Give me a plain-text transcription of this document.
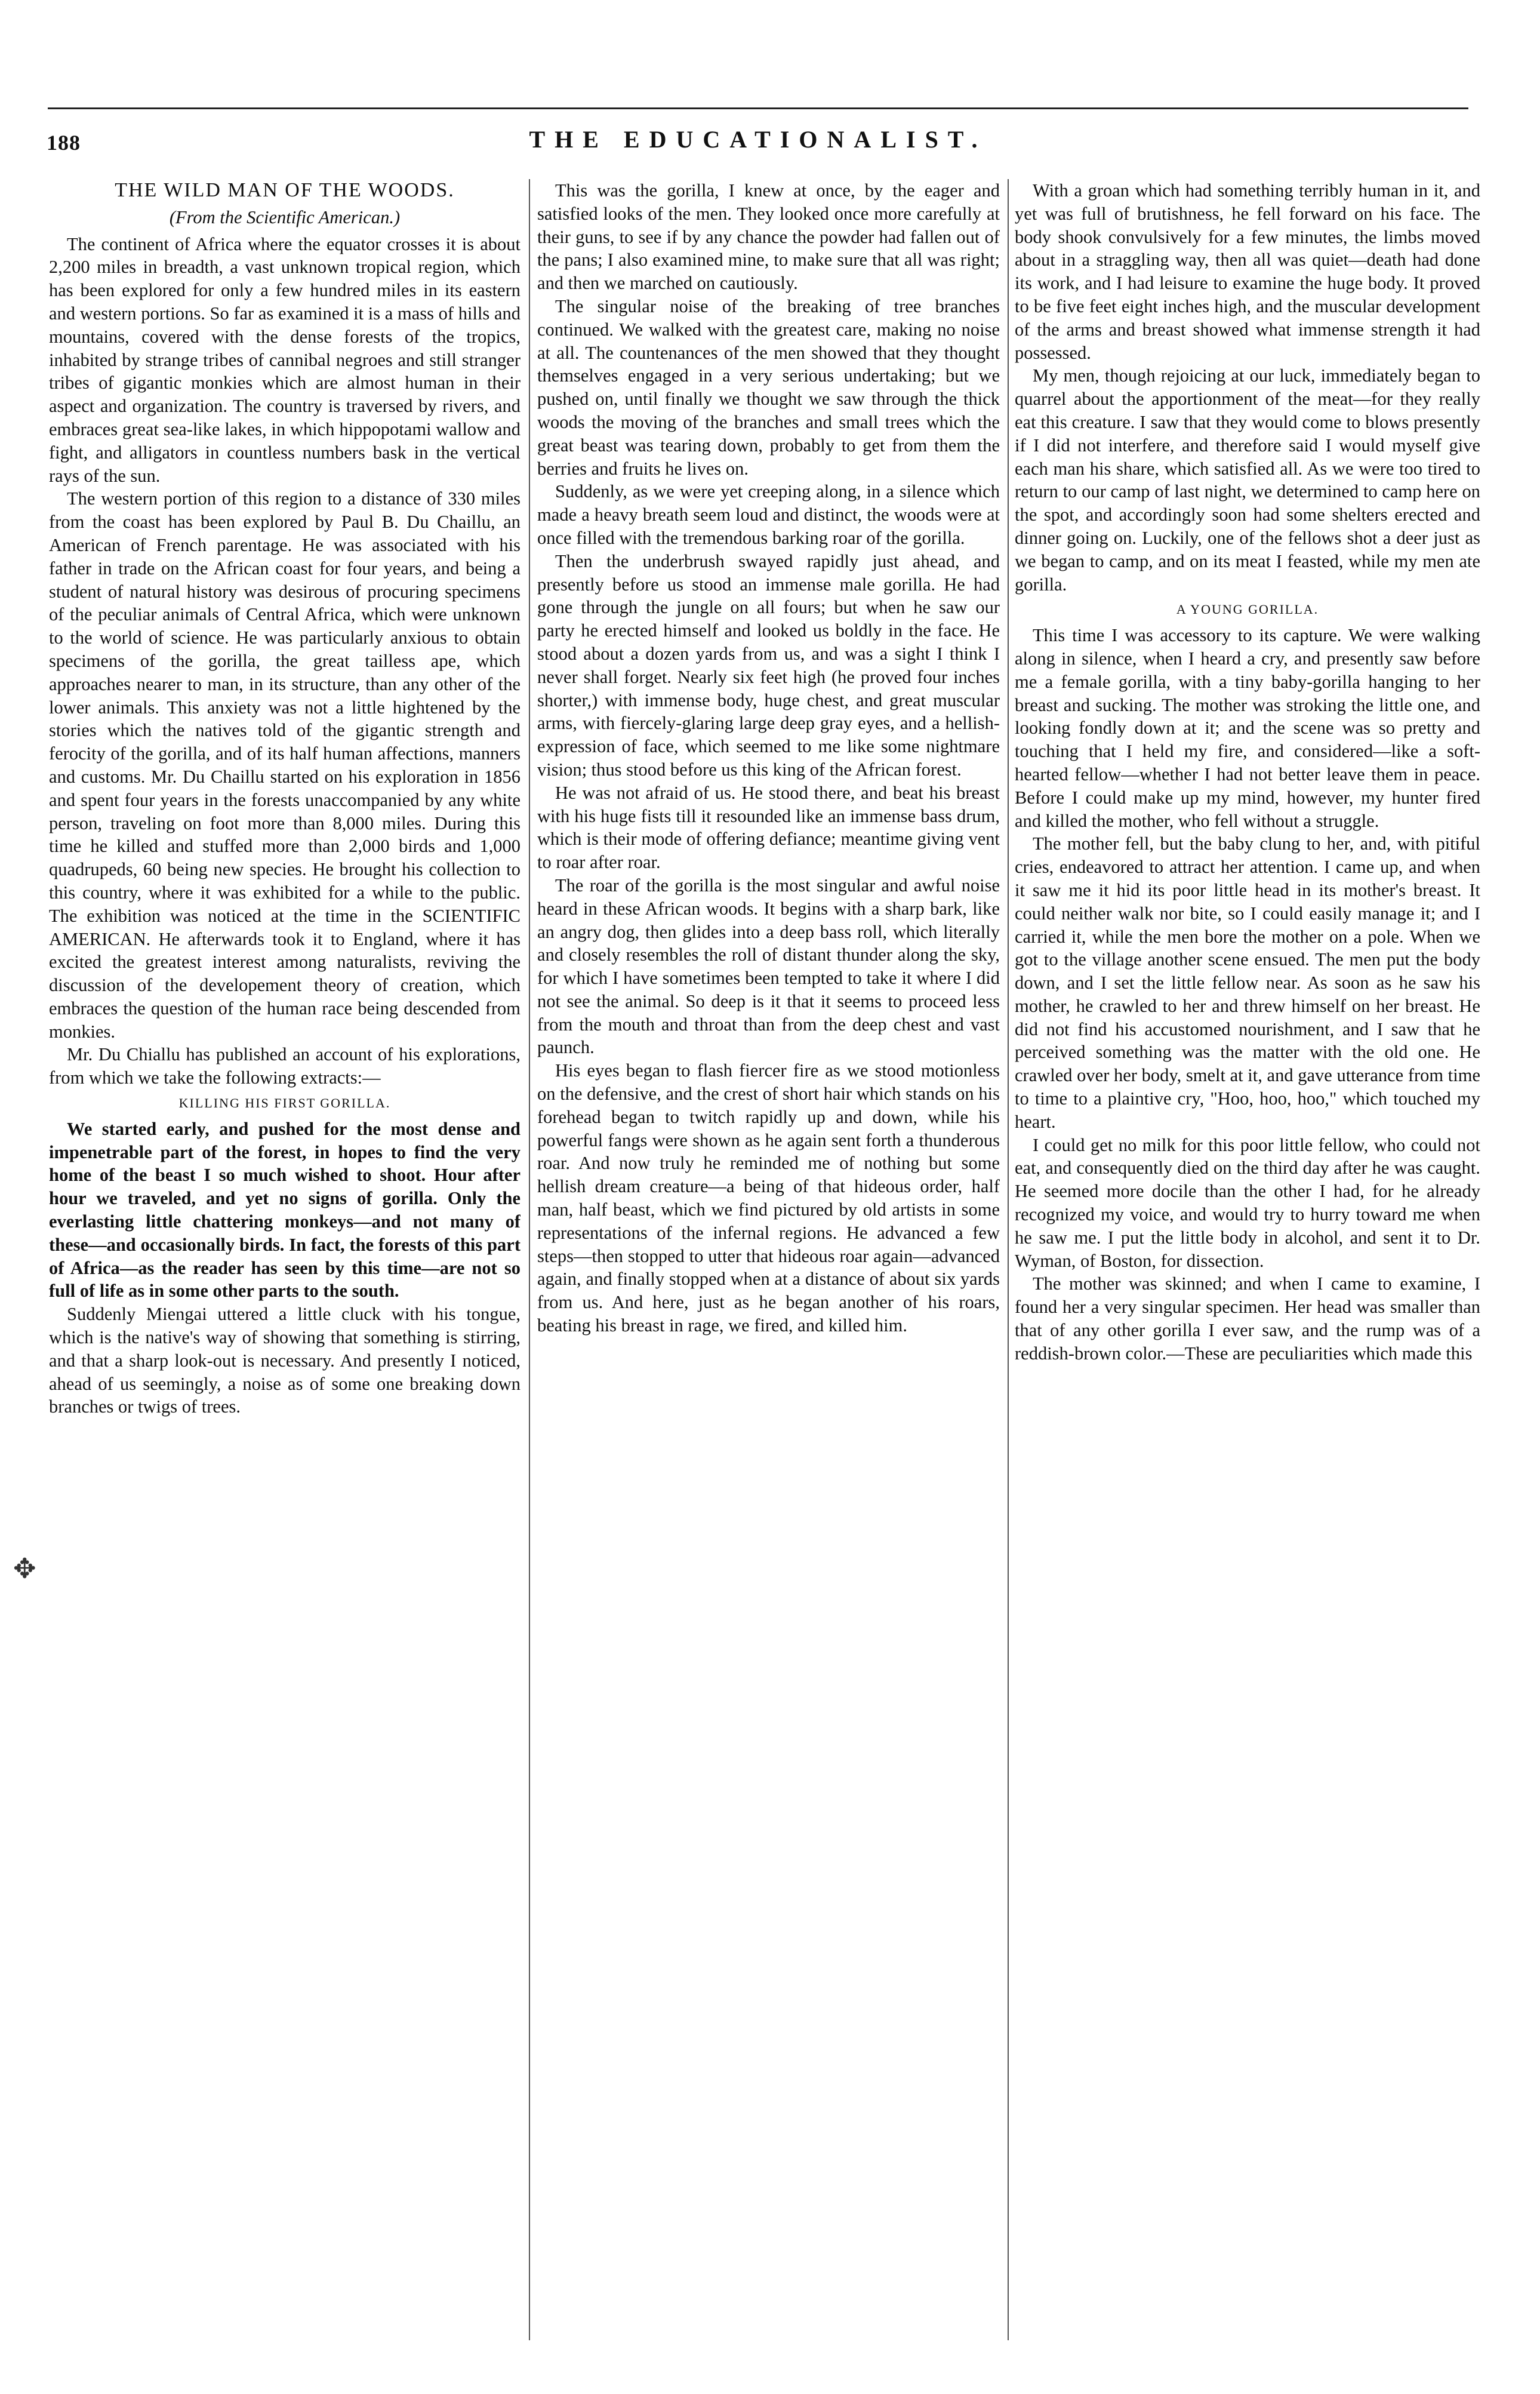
188	THE EDUCATIONALIST.
✥

THE WILD MAN OF THE WOODS.

(From the Scientific American.)

The continent of Africa where the equator crosses it is about 2,200 miles in breadth, a vast unknown tropical region, which has been explored for only a few hundred miles in its eastern and western portions. So far as examined it is a mass of hills and mountains, covered with the dense forests of the tropics, inhabited by strange tribes of cannibal negroes and still stranger tribes of gigantic monkies which are almost human in their aspect and organization. The country is traversed by rivers, and embraces great sea-like lakes, in which hippopotami wallow and fight, and alligators in countless numbers bask in the vertical rays of the sun.

The western portion of this region to a distance of 330 miles from the coast has been explored by Paul B. Du Chaillu, an American of French parentage. He was associated with his father in trade on the African coast for four years, and being a student of natural history was desirous of procuring specimens of the peculiar animals of Central Africa, which were unknown to the world of science. He was particularly anxious to obtain specimens of the gorilla, the great tailless ape, which approaches nearer to man, in its structure, than any other of the lower animals. This anxiety was not a little hightened by the stories which the natives told of the gigantic strength and ferocity of the gorilla, and of its half human affections, manners and customs. Mr. Du Chaillu started on his exploration in 1856 and spent four years in the forests unaccompanied by any white person, traveling on foot more than 8,000 miles. During this time he killed and stuffed more than 2,000 birds and 1,000 quadrupeds, 60 being new species. He brought his collection to this country, where it was exhibited for a while to the public. The exhibition was noticed at the time in the SCIENTIFIC AMERICAN. He afterwards took it to England, where it has excited the greatest interest among naturalists, reviving the discussion of the developement theory of creation, which embraces the question of the human race being descended from monkies.

Mr. Du Chiallu has published an account of his explorations, from which we take the following extracts:—

KILLING HIS FIRST GORILLA.

We started early, and pushed for the most dense and impenetrable part of the forest, in hopes to find the very home of the beast I so much wished to shoot. Hour after hour we traveled, and yet no signs of gorilla. Only the everlasting little chattering monkeys—and not many of these—and occasionally birds. In fact, the forests of this part of Africa—as the reader has seen by this time—are not so full of life as in some other parts to the south.

Suddenly Miengai uttered a little cluck with his tongue, which is the native's way of showing that something is stirring, and that a sharp look-out is necessary. And presently I noticed, ahead of us seemingly, a noise as of some one breaking down branches or twigs of trees.

This was the gorilla, I knew at once, by the eager and satisfied looks of the men. They looked once more carefully at their guns, to see if by any chance the powder had fallen out of the pans; I also examined mine, to make sure that all was right; and then we marched on cautiously.

The singular noise of the breaking of tree branches continued. We walked with the greatest care, making no noise at all. The countenances of the men showed that they thought themselves engaged in a very serious undertaking; but we pushed on, until finally we thought we saw through the thick woods the moving of the branches and small trees which the great beast was tearing down, probably to get from them the berries and fruits he lives on.

Suddenly, as we were yet creeping along, in a silence which made a heavy breath seem loud and distinct, the woods were at once filled with the tremendous barking roar of the gorilla.

Then the underbrush swayed rapidly just ahead, and presently before us stood an immense male gorilla. He had gone through the jungle on all fours; but when he saw our party he erected himself and looked us boldly in the face. He stood about a dozen yards from us, and was a sight I think I never shall forget. Nearly six feet high (he proved four inches shorter,) with immense body, huge chest, and great muscular arms, with fiercely-glaring large deep gray eyes, and a hellish-expression of face, which seemed to me like some nightmare vision; thus stood before us this king of the African forest.

He was not afraid of us. He stood there, and beat his breast with his huge fists till it resounded like an immense bass drum, which is their mode of offering defiance; meantime giving vent to roar after roar.

The roar of the gorilla is the most singular and awful noise heard in these African woods. It begins with a sharp bark, like an angry dog, then glides into a deep bass roll, which literally and closely resembles the roll of distant thunder along the sky, for which I have sometimes been tempted to take it where I did not see the animal. So deep is it that it seems to proceed less from the mouth and throat than from the deep chest and vast paunch.

His eyes began to flash fiercer fire as we stood motionless on the defensive, and the crest of short hair which stands on his forehead began to twitch rapidly up and down, while his powerful fangs were shown as he again sent forth a thunderous roar. And now truly he reminded me of nothing but some hellish dream creature—a being of that hideous order, half man, half beast, which we find pictured by old artists in some representations of the infernal regions. He advanced a few steps—then stopped to utter that hideous roar again—advanced again, and finally stopped when at a distance of about six yards from us. And here, just as he began another of his roars, beating his breast in rage, we fired, and killed him.

With a groan which had something terribly human in it, and yet was full of brutishness, he fell forward on his face. The body shook convulsively for a few minutes, the limbs moved about in a straggling way, then all was quiet—death had done its work, and I had leisure to examine the huge body. It proved to be five feet eight inches high, and the muscular development of the arms and breast showed what immense strength it had possessed.

My men, though rejoicing at our luck, immediately began to quarrel about the apportionment of the meat—for they really eat this creature. I saw that they would come to blows presently if I did not interfere, and therefore said I would myself give each man his share, which satisfied all. As we were too tired to return to our camp of last night, we determined to camp here on the spot, and accordingly soon had some shelters erected and dinner going on. Luckily, one of the fellows shot a deer just as we began to camp, and on its meat I feasted, while my men ate gorilla.

A YOUNG GORILLA.

This time I was accessory to its capture. We were walking along in silence, when I heard a cry, and presently saw before me a female gorilla, with a tiny baby-gorilla hanging to her breast and sucking. The mother was stroking the little one, and looking fondly down at it; and the scene was so pretty and touching that I held my fire, and considered—like a soft-hearted fellow—whether I had not better leave them in peace. Before I could make up my mind, however, my hunter fired and killed the mother, who fell without a struggle.

The mother fell, but the baby clung to her, and, with pitiful cries, endeavored to attract her attention. I came up, and when it saw me it hid its poor little head in its mother's breast. It could neither walk nor bite, so I could easily manage it; and I carried it, while the men bore the mother on a pole. When we got to the village another scene ensued. The men put the body down, and I set the little fellow near. As soon as he saw his mother, he crawled to her and threw himself on her breast. He did not find his accustomed nourishment, and I saw that he perceived something was the matter with the old one. He crawled over her body, smelt at it, and gave utterance from time to time to a plaintive cry, "Hoo, hoo, hoo," which touched my heart.

I could get no milk for this poor little fellow, who could not eat, and consequently died on the third day after he was caught. He seemed more docile than the other I had, for he already recognized my voice, and would try to hurry toward me when he saw me. I put the little body in alcohol, and sent it to Dr. Wyman, of Boston, for dissection.

The mother was skinned; and when I came to examine, I found her a very singular specimen. Her head was smaller than that of any other gorilla I ever saw, and the rump was of a reddish-brown color.—These are peculiarities which made this
